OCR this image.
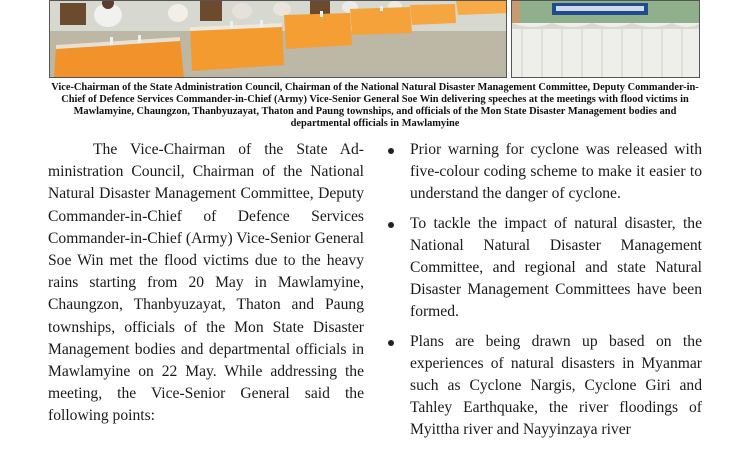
Vice-Chairman of the State Administration Council, Chairman of the National Natural Disaster Management Committee, Deputy Commander-in-Chief of Defence Services Commander-in-Chief (Army) Vice-Senior General Soe Win delivering speeches at the meetings with flood victims in Mawlamyine, Chaungzon, Thanbyuzayat, Thaton and Paung townships, and officials of the Mon State Disaster Management bodies and departmental officials in Mawlamyine

The Vice-Chairman of the State Administration Council, Chairman of the National Natural Disaster Management Committee, Deputy Commander-in-Chief of Defence Services Commander-in-Chief (Army) Vice-Senior General Soe Win met the flood victims due to the heavy rains starting from 20 May in Mawlamyine, Chaungzon, Thanbyuzayat, Thaton and Paung townships, officials of the Mon State Disaster Management bodies and departmental officials in Mawlamyine on 22 May. While addressing the meeting, the Vice-Senior General said the following points:

Prior warning for cyclone was released with five-colour coding scheme to make it easier to understand the danger of cyclone.
To tackle the impact of natural disaster, the National Natural Disaster Management Committee, and regional and state Natural Disaster Management Committees have been formed.
Plans are being drawn up based on the experiences of natural disasters in Myanmar such as Cyclone Nargis, Cyclone Giri and Tahley Earthquake, the river floodings of Myittha river and Nayyinzaya river
